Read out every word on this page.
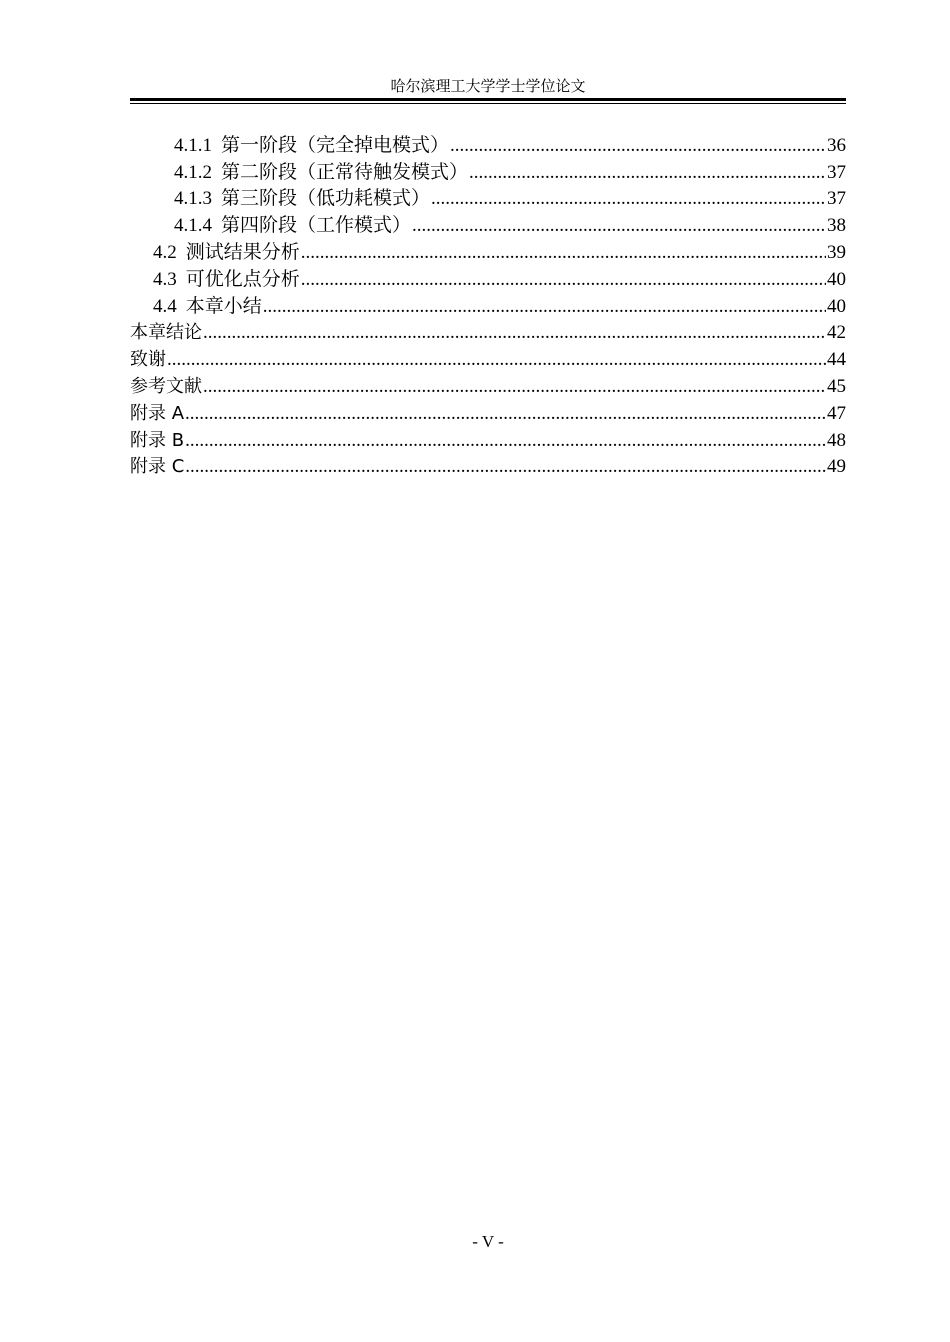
哈尔滨理工大学学士学位论文
4.1.1 第一阶段（完全掉电模式） .....	36
4.1.2 第二阶段（正常待触发模式） .....	37
4.1.3 第三阶段（低功耗模式） .....	37
4.1.4 第四阶段（工作模式） .....	38
4.2 测试结果分析 .....	39
4.3 可优化点分析 .....	40
4.4 本章小结 .....	40
本章结论 .....	42
致谢 .....	44
参考文献 .....	45
附录 A .....	47
附录 B .....	48
附录 C .....	49
- V -
